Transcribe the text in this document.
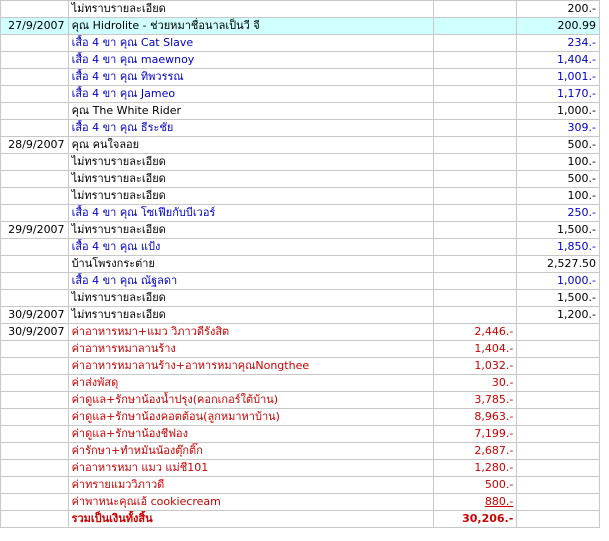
	ไม่ทราบรายละเอียด		200.-
27/9/2007	คุณ Hidrolite - ช่วยหมาชื่อนาลเป็นวี จี		200.99
	เสื้อ 4 ขา คุณ Cat Slave		234.-
	เสื้อ 4 ขา คุณ maewnoy		1,404.-
	เสื้อ 4 ขา คุณ ทิพวรรณ		1,001.-
	เสื้อ 4 ขา คุณ Jameo		1,170.-
	คุณ The White Rider		1,000.-
	เสื้อ 4 ขา คุณ ธีระชัย		309.-
28/9/2007	คุณ คนใจลอย		500.-
	ไม่ทราบรายละเอียด		100.-
	ไม่ทราบรายละเอียด		500.-
	ไม่ทราบรายละเอียด		100.-
	เสื้อ 4 ขา คุณ โซเฟียกับบีเวอร์		250.-
29/9/2007	ไม่ทราบรายละเอียด		1,500.-
	เสื้อ 4 ขา คุณ แป้ง		1,850.-
	บ้านโพรงกระต่าย		2,527.50
	เสื้อ 4 ขา คุณ ณัฐลดา		1,000.-
	ไม่ทราบรายละเอียด		1,500.-
30/9/2007	ไม่ทราบรายละเอียด		1,200.-
30/9/2007	ค่าอาหารหมา+แมว วิภาวดีรังสิต	2,446.-	
	ค่าอาหารหมาลานร้าง	1,404.-	
	ค่าอาหารหมาลานร้าง+อาหารหมาคุณNongthee	1,032.-	
	ค่าส่งพัสดุ	30.-	
	ค่าดูแล+รักษาน้องน้ำปรุง(คอกเกอร์ใต้บ้าน)	3,785.-	
	ค่าดูแล+รักษาน้องคอตต้อน(ลูกหมาหาบ้าน)	8,963.-	
	ค่าดูแล+รักษาน้องชีฟอง	7,199.-	
	ค่ารักษา+ทำหมันน้องตุ๊กติ๊ก	2,687.-	
	ค่าอาหารหมา แมว แม่ชี101	1,280.-	
	ค่าทรายแมววิภาวดี	500.-	
	ค่าพาหนะคุณเอ้ cookiecream	880.-	
	รวมเป็นเงินทั้งสิ้น	30,206.-	
